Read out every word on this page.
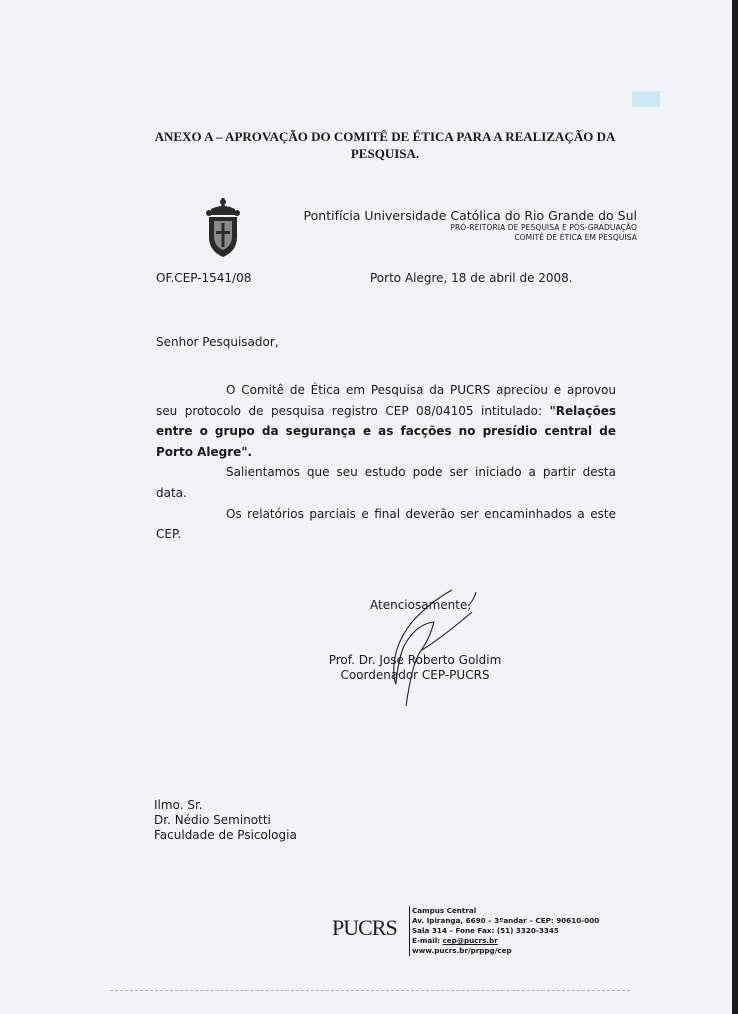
ANEXO A – APROVAÇÃO DO COMITÊ DE ÉTICA PARA A REALIZAÇÃO DA
PESQUISA.
Pontifícia Universidade Católica do Rio Grande do Sul
PRÓ-REITORIA DE PESQUISA E PÓS-GRADUAÇÃO
COMITÊ DE ÉTICA EM PESQUISA
OF.CEP-1541/08	Porto Alegre, 18 de abril de 2008.
Senhor Pesquisador,

O Comitê de Ética em Pesquisa da PUCRS apreciou e aprovou seu protocolo de pesquisa registro CEP 08/04105 intitulado: "Relações entre o grupo da segurança e as facções no presídio central de Porto Alegre".

Salientamos que seu estudo pode ser iniciado a partir desta data.

Os relatórios parciais e final deverão ser encaminhados a este CEP.

Atenciosamente,
Prof. Dr. José Roberto Goldim
Coordenador CEP-PUCRS
Ilmo. Sr.
Dr. Nédio Seminotti
Faculdade de Psicologia
PUCRS
Campus Central
Av. Ipiranga, 6690 – 3ºandar – CEP: 90610-000
Sala 314 – Fone Fax: (51) 3320-3345
E-mail: cep@pucrs.br
www.pucrs.br/prppg/cep
